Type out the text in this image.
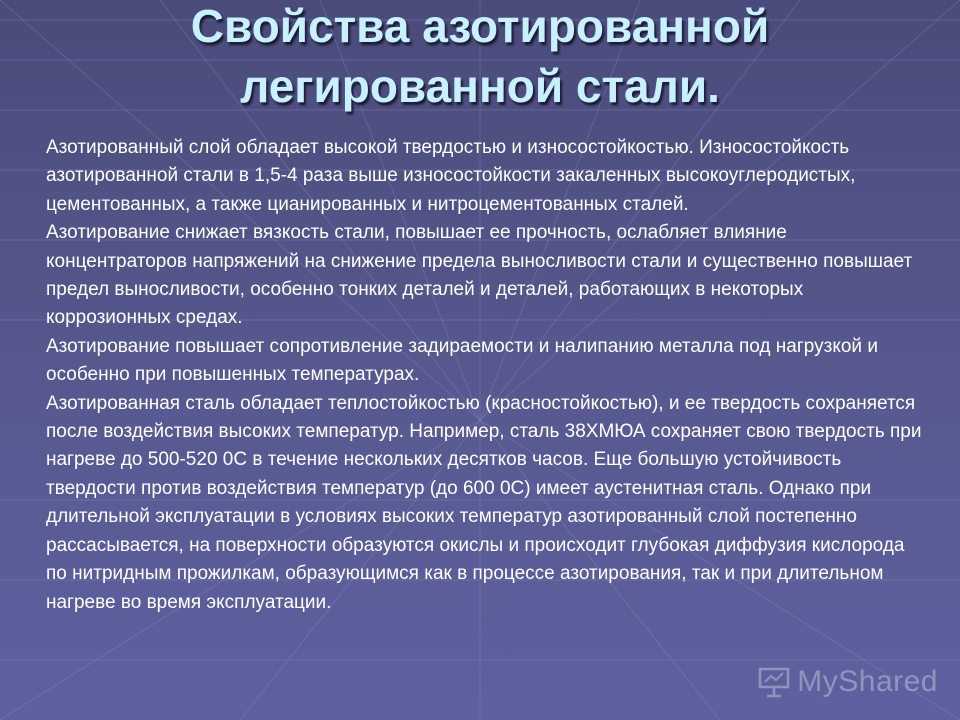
Свойства азотированной
легированной стали.

Азотированный слой обладает высокой твердостью и износостойкостью. Износостойкость азотированной стали в 1,5-4 раза выше износостойкости закаленных высокоуглеродистых, цементованных, а также цианированных и нитроцементованных сталей.

Азотирование снижает вязкость стали, повышает ее прочность, ослабляет влияние концентраторов напряжений на снижение предела выносливости стали и существенно повышает предел выносливости, особенно тонких деталей и деталей, работающих в некоторых коррозионных средах.

Азотирование повышает сопротивление задираемости и налипанию металла под нагрузкой и особенно при повышенных температурах.

Азотированная сталь обладает теплостойкостью (красностойкостью), и ее твердость сохраняется после воздействия высоких температур. Например, сталь 38ХМЮА сохраняет свою твердость при нагреве до 500-520 0С в течение нескольких десятков часов. Еще большую устойчивость твердости против воздействия температур (до 600 0С) имеет аустенитная сталь. Однако при длительной эксплуатации в условиях высоких температур азотированный слой постепенно рассасывается, на поверхности образуются окислы и происходит глубокая диффузия кислорода по нитридным прожилкам, образующимся как в процессе азотирования, так и при длительном нагреве во время эксплуатации.

MyShared
